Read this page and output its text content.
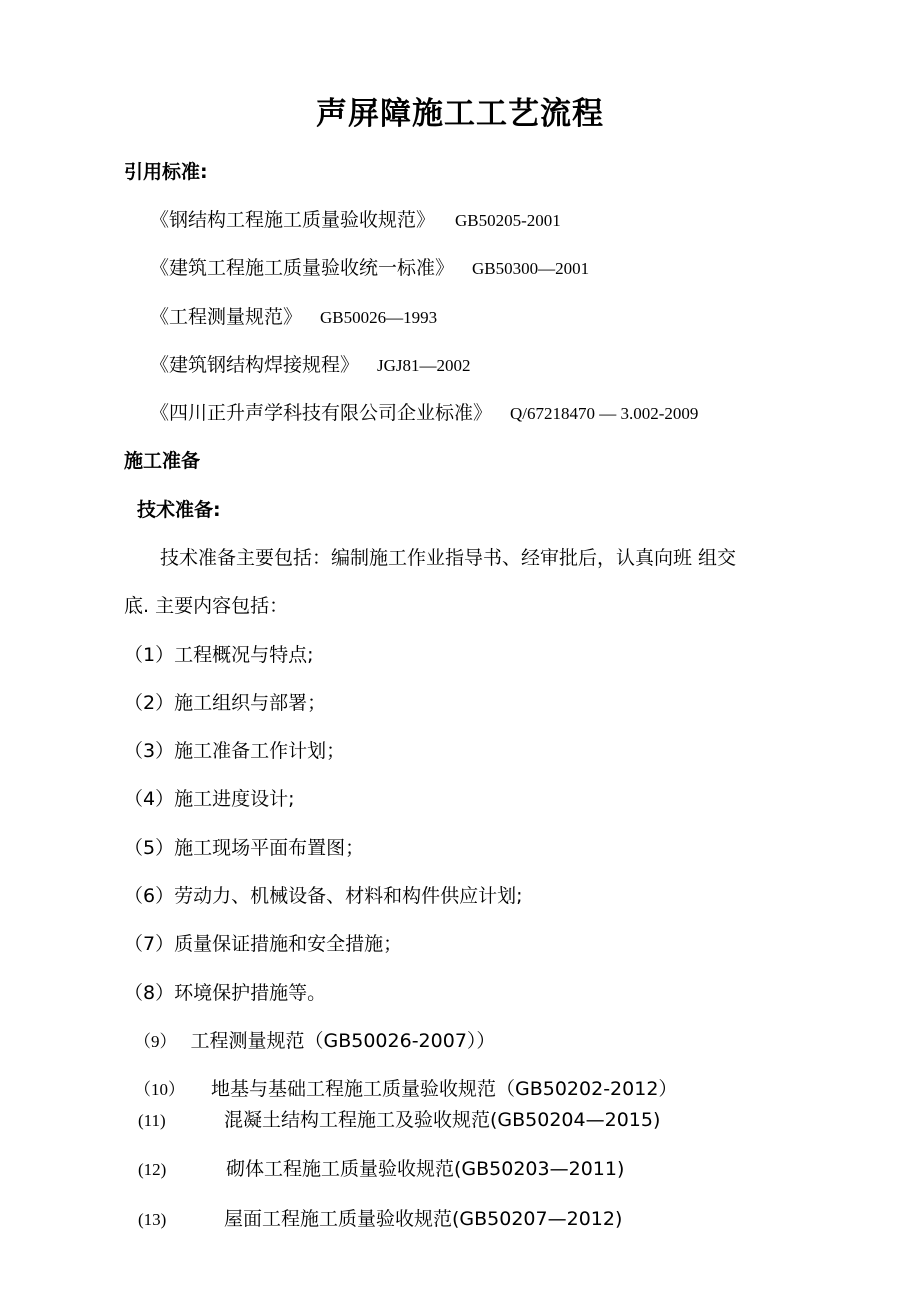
声屏障施工工艺流程
引用标准:
《钢结构工程施工质量验收规范》 GB50205-2001
《建筑工程施工质量验收统一标准》 GB50300—2001
《工程测量规范》 GB50026—1993
《建筑钢结构焊接规程》 JGJ81—2002
《四川正升声学科技有限公司企业标准》 Q/67218470 — 3.002-2009
施工准备
技术准备:
技术准备主要包括：编制施工作业指导书、经审批后，认真向班 组交
底. 主要内容包括：
（1）工程概况与特点;
（2）施工组织与部署；
（3）施工准备工作计划；
（4）施工进度设计;
（5）施工现场平面布置图；
（6）劳动力、机械设备、材料和构件供应计划;
（7）质量保证措施和安全措施；
（8）环境保护措施等。
（9） 工程测量规范（GB50026-2007））
（10） 地基与基础工程施工质量验收规范（GB50202-2012）
(11)	混凝土结构工程施工及验收规范(GB50204—2015)
(12)	砌体工程施工质量验收规范(GB50203—2011)
(13)	屋面工程施工质量验收规范(GB50207—2012)
